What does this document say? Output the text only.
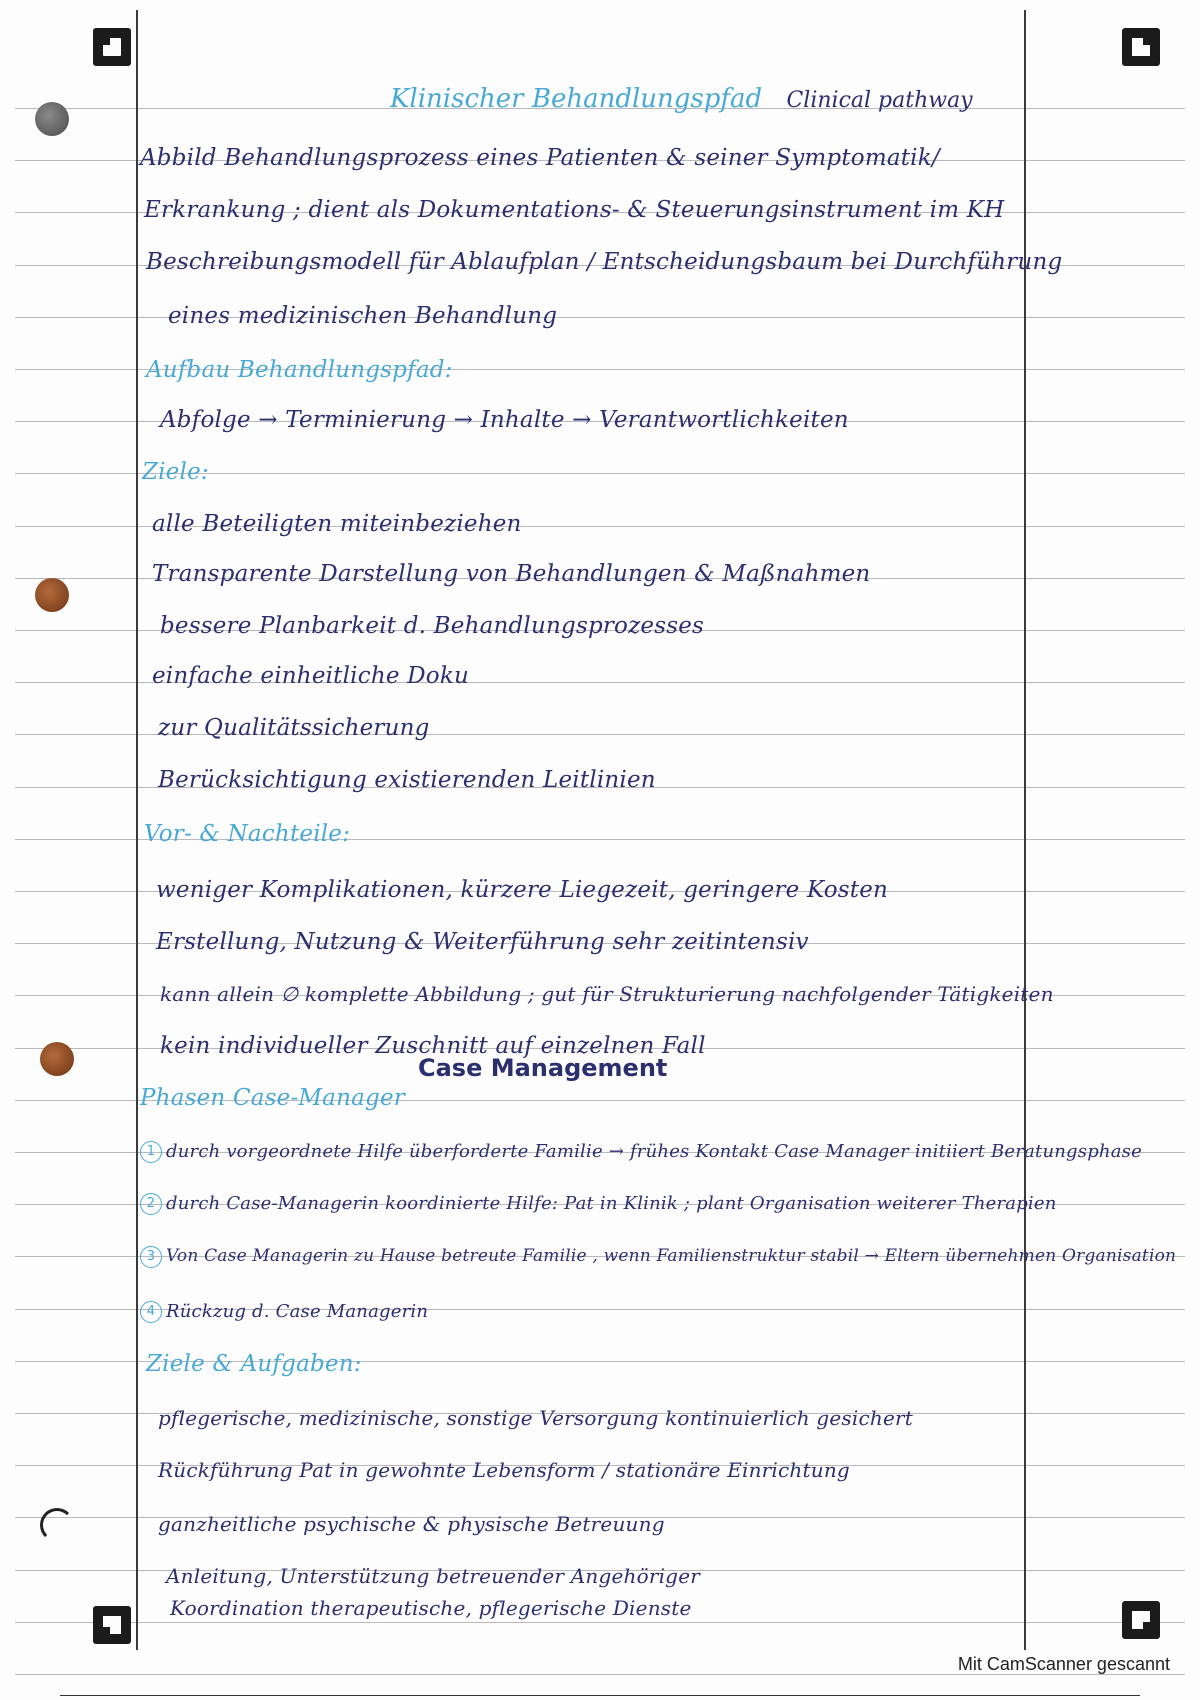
Klinischer Behandlungspfad Clinical pathway
Abbild Behandlungsprozess eines Patienten & seiner Symptomatik/
Erkrankung ; dient als Dokumentations- & Steuerungsinstrument im KH
Beschreibungsmodell für Ablaufplan / Entscheidungsbaum bei Durchführung
eines medizinischen Behandlung
Aufbau Behandlungspfad:
Abfolge → Terminierung → Inhalte → Verantwortlichkeiten
Ziele:
alle Beteiligten miteinbeziehen
Transparente Darstellung von Behandlungen & Maßnahmen
bessere Planbarkeit d. Behandlungsprozesses
einfache einheitliche Doku
zur Qualitätssicherung
Berücksichtigung existierenden Leitlinien
Vor- & Nachteile:
weniger Komplikationen, kürzere Liegezeit, geringere Kosten
Erstellung, Nutzung & Weiterführung sehr zeitintensiv
kann allein ∅ komplette Abbildung ; gut für Strukturierung nachfolgender Tätigkeiten
kein individueller Zuschnitt auf einzelnen Fall
Case Management
Phasen Case-Manager
1 durch vorgeordnete Hilfe überforderte Familie → frühes Kontakt Case Manager initiiert Beratungsphase
2 durch Case-Managerin koordinierte Hilfe: Pat in Klinik ; plant Organisation weiterer Therapien
3 Von Case Managerin zu Hause betreute Familie , wenn Familienstruktur stabil → Eltern übernehmen Organisation
4 Rückzug d. Case Managerin
Ziele & Aufgaben:
pflegerische, medizinische, sonstige Versorgung kontinuierlich gesichert
Rückführung Pat in gewohnte Lebensform / stationäre Einrichtung
ganzheitliche psychische & physische Betreuung
Anleitung, Unterstützung betreuender Angehöriger
Koordination therapeutische, pflegerische Dienste
Mit CamScanner gescannt
